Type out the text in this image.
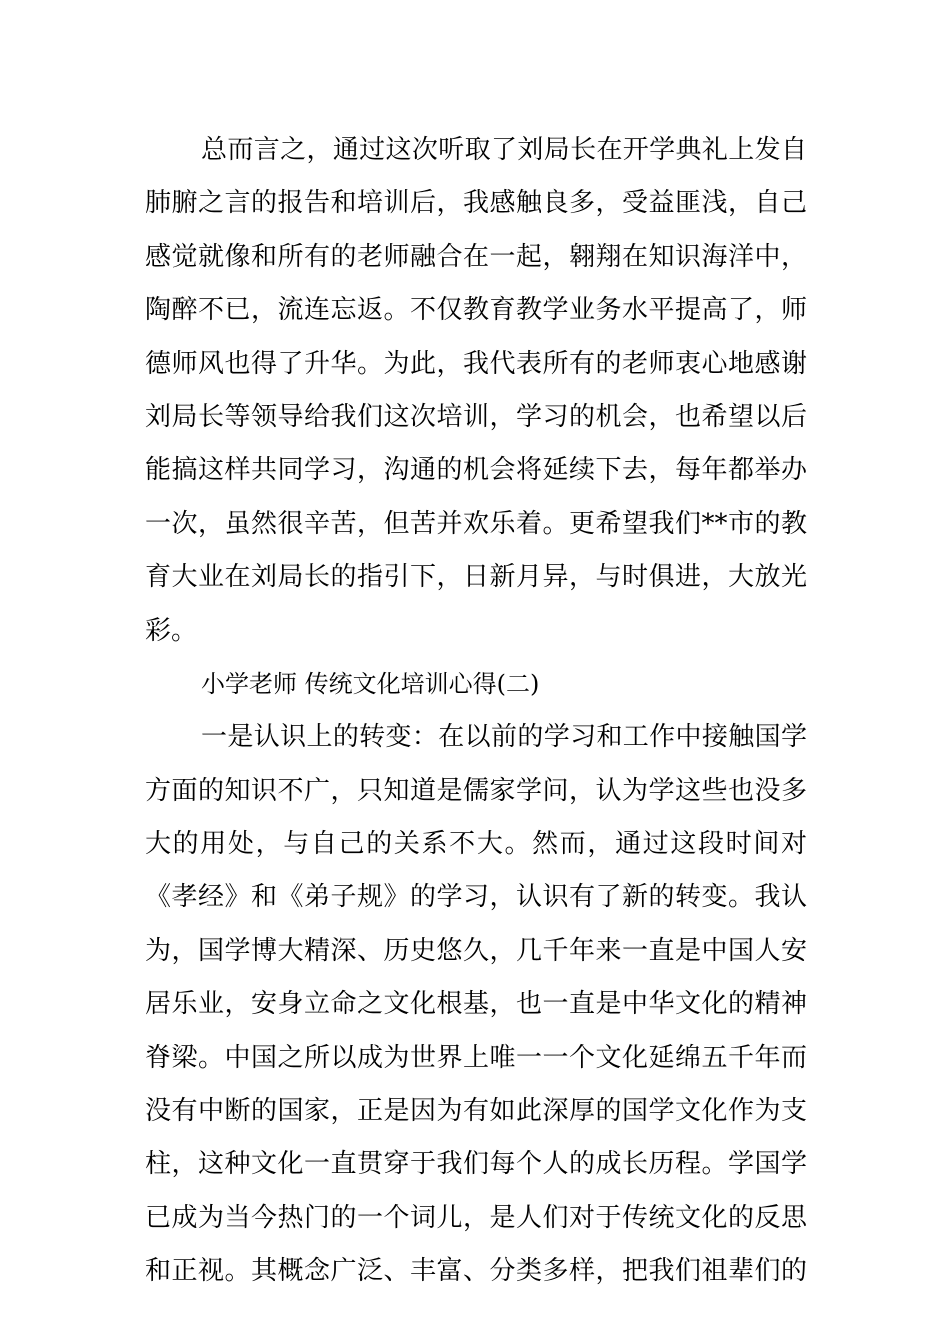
总而言之，通过这次听取了刘局长在开学典礼上发自
肺腑之言的报告和培训后，我感触良多，受益匪浅，自己
感觉就像和所有的老师融合在一起，翱翔在知识海洋中，
陶醉不已，流连忘返。不仅教育教学业务水平提高了，师
德师风也得了升华。为此，我代表所有的老师衷心地感谢
刘局长等领导给我们这次培训，学习的机会，也希望以后
能搞这样共同学习，沟通的机会将延续下去，每年都举办
一次，虽然很辛苦，但苦并欢乐着。更希望我们**市的教
育大业在刘局长的指引下，日新月异，与时俱进，大放光
彩。
小学老师 传统文化培训心得(二)
一是认识上的转变：在以前的学习和工作中接触国学
方面的知识不广，只知道是儒家学问，认为学这些也没多
大的用处，与自己的关系不大。然而，通过这段时间对
《孝经》和《弟子规》的学习，认识有了新的转变。我认
为，国学博大精深、历史悠久，几千年来一直是中国人安
居乐业，安身立命之文化根基，也一直是中华文化的精神
脊梁。中国之所以成为世界上唯一一个文化延绵五千年而
没有中断的国家，正是因为有如此深厚的国学文化作为支
柱，这种文化一直贯穿于我们每个人的成长历程。学国学
已成为当今热门的一个词儿，是人们对于传统文化的反思
和正视。其概念广泛、丰富、分类多样，把我们祖辈们的
